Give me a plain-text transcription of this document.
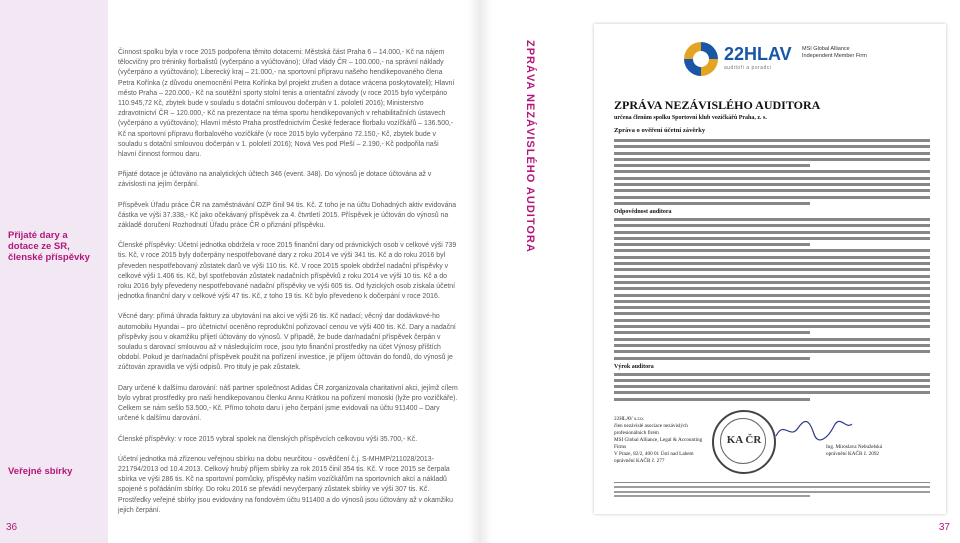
Přijaté dary a dotace ze SR, členské příspěvky
Veřejné sbírky

Činnost spolku byla v roce 2015 podpořena těmito dotacemi: Městská část Praha 6 – 14.000,- Kč na nájem tělocvičny pro tréninky florbalistů (vyčerpáno a vyúčtováno); Úřad vlády ČR – 100.000,- na správní náklady (vyčerpáno a vyúčtováno); Liberecký kraj – 21.000,- na sportovní přípravu našeho hendikepovaného člena Petra Kořínka (z důvodu onemocnění Petra Kořínka byl projekt zrušen a dotace vrácena poskytovateli); Hlavní město Praha – 220.000,- Kč na soutěžní sporty stolní tenis a orientační závody (v roce 2015 bylo vyčerpáno 110.945,72 Kč, zbytek bude v souladu s dotační smlouvou dočerpán v 1. pololetí 2016); Ministerstvo zdravotnictví ČR – 120.000,- Kč na prezentace na téma sportu hendikepovaných v rehabilitačních ústavech (vyčerpáno a vyúčtováno); Hlavní město Praha prostřednictvím České federace florbalu vozíčkářů – 136.500,- Kč na sportovní přípravu florbalového vozíčkáře (v roce 2015 bylo vyčerpáno 72.150,- Kč, zbytek bude v souladu s dotační smlouvou dočerpán v 1. pololetí 2016); Nová Ves pod Pleší – 2.190,- Kč podpořila naši hlavní činnost formou daru.

Přijaté dotace je účtováno na analytických účtech 346 (event. 348). Do výnosů je dotace účtována až v závislosti na jejím čerpání.

Příspěvek Úřadu práce ČR na zaměstnávání OZP činil 94 tis. Kč. Z toho je na účtu Dohadných aktiv evidována částka ve výši 37.338,- Kč jako očekávaný příspěvek za 4. čtvrtletí 2015. Příspěvek je účtován do výnosů na základě doručení Rozhodnutí Úřadu práce ČR o přiznání příspěvku.

Členské příspěvky: Účetní jednotka obdržela v roce 2015 finanční dary od právnických osob v celkové výši 739 tis. Kč, v roce 2015 byly dočerpány nespotřebované dary z roku 2014 ve výši 341 tis. Kč a do roku 2016 byl převeden nespotřebovaný zůstatek darů ve výši 110 tis. Kč. V roce 2015 spolek obdržel nadační příspěvky v celkové výši 1.406 tis. Kč, byl spotřebován zůstatek nadačních příspěvků z roku 2014 ve výši 10 tis. Kč a do roku 2016 byly převedeny nespotřebované nadační příspěvky ve výši 605 tis. Od fyzických osob získala účetní jednotka finanční dary v celkové výši 47 tis. Kč, z toho 19 tis. Kč bylo převedeno k dočerpání v roce 2016.

Věcné dary: přímá úhrada faktury za ubytování na akci ve výši 26 tis. Kč nadací; věcný dar dodávkové-ho automobilu Hyundai – pro účetnictví oceněno reprodukční pořizovací cenou ve výši 400 tis. Kč. Dary a nadační příspěvky jsou v okamžiku přijetí účtovány do výnosů. V případě, že bude dar/nadační příspěvek čerpán v souladu s darovací smlouvou až v následujícím roce, jsou tyto finanční prostředky na účet Výnosy příštích období. Pokud je dar/nadační příspěvek použit na pořízení investice, je příjem účtován do fondů, do výnosů je zúčtován zpravidla ve výši odpisů. Pro tituly je pak zůstatek.

Dary určené k dalšímu darování: náš partner společnost Adidas ČR zorganizovala charitativní akci, jejímž cílem bylo vybrat prostředky pro naši hendikepovanou členku Annu Krátkou na pořízení monoski (lyže pro vozíčkáře). Celkem se nám sešlo 53.500,- Kč. Přímo tohoto daru i jeho čerpání jsme evidovali na účtu 911400 – Dary určené k dalšímu darování.

Členské příspěvky: v roce 2015 vybral spolek na členských příspěvcích celkovou výši 35.700,- Kč.

Účetní jednotka má zřízenou veřejnou sbírku na dobu neurčitou - osvědčení č.j. S-MHMP/211028/2013-221794/2013 od 10.4.2013. Celkový hrubý příjem sbírky za rok 2015 činil 354 tis. Kč. V roce 2015 se čerpala sbírka ve výši 286 tis. Kč na sportovní pomůcky, příspěvky našim vozíčkářům na sportovních akcí a nákladů spojené s pořádáním sbírky. Do roku 2016 se převádí nevyčerpaný zůstatek sbírky ve výši 307 tis. Kč. Prostředky veřejné sbírky jsou evidovány na fondovém účtu 911400 a do výnosů jsou účtovány až v okamžiku jejich čerpání.

36	37
ZPRÁVA NEZÁVISLÉHO AUDITORA	22HLAV
auditoři a poradci
MSI Global Alliance
Independent Member Firm
ZPRÁVA NEZÁVISLÉHO AUDITORA
určena členům spolku Sportovní klub vozíčkářů Praha, z. s.
Zpráva o ověření účetní závěrky
Odpovědnost auditora
Výrok auditora
22HLAV s.r.o.
člen nezávislé asociace nezávislých profesionálních firem
MSI Global Alliance, Legal & Accounting Firms
V Praze, 82/2, 400 01 Ústí nad Labem
oprávnění KAČR č. 277
KA ČR
Ing. Miroslava Nebuželská
oprávnění KAČR č. 2092
